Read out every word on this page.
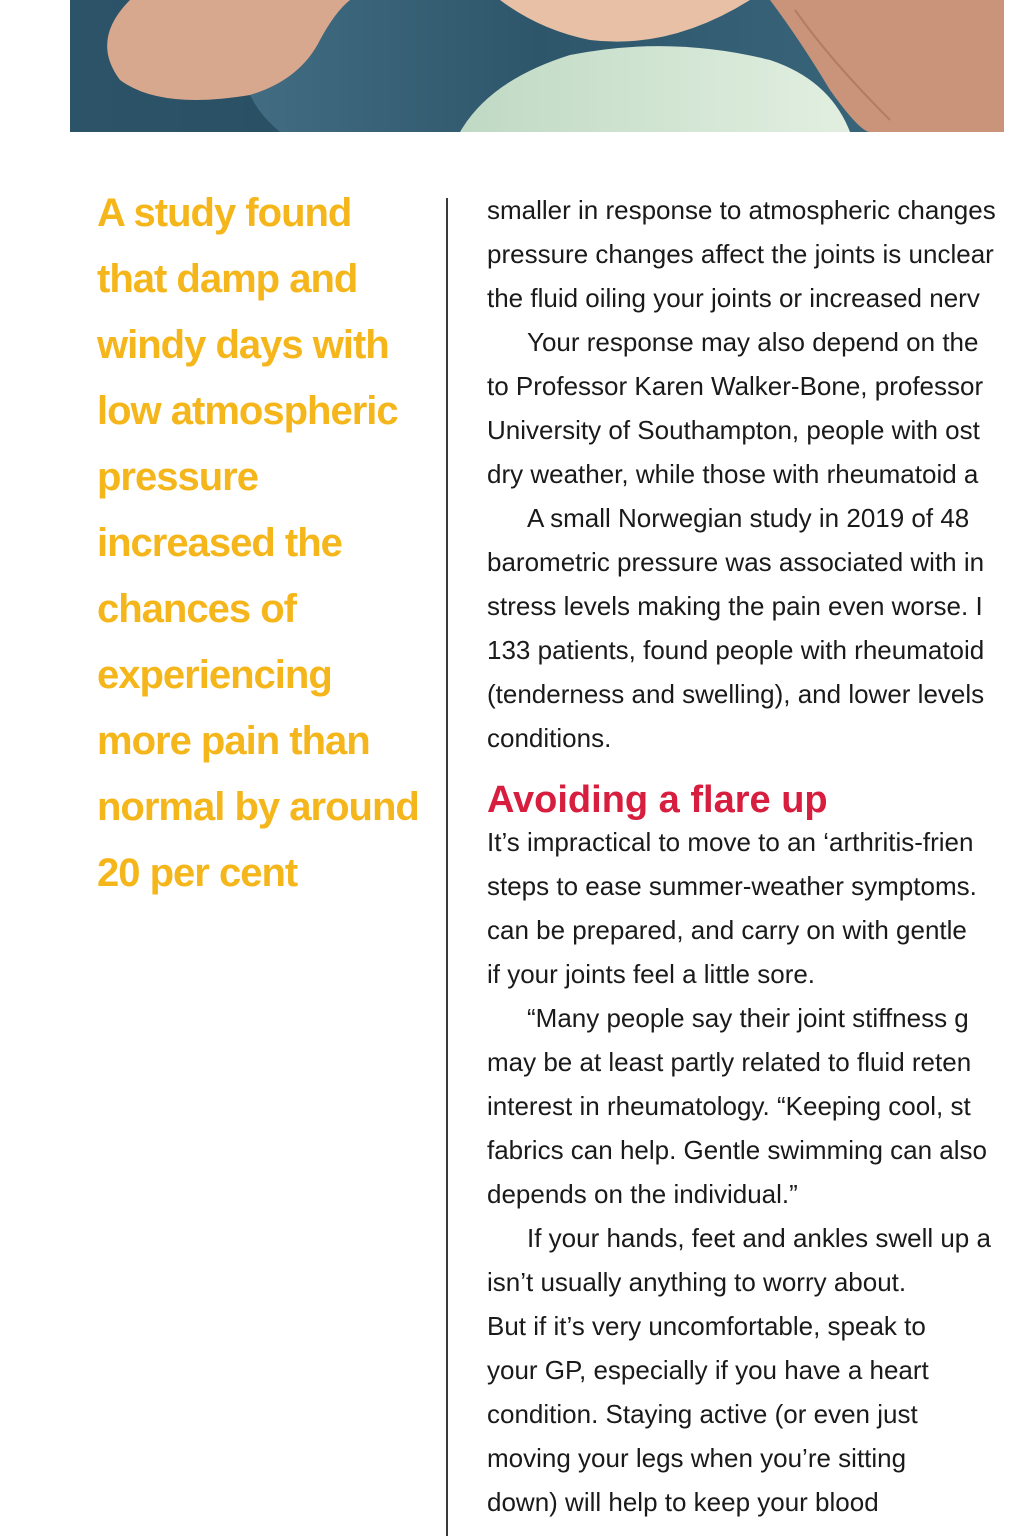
A study found
that damp and
windy days with
low atmospheric
pressure
increased the
chances of
experiencing
more pain than
normal by around
20 per cent
smaller in response to atmospheric changes
pressure changes affect the joints is unclear
the fluid oiling your joints or increased nerv
Your response may also depend on the
to Professor Karen Walker-Bone, professor
University of Southampton, people with ost
dry weather, while those with rheumatoid a
A small Norwegian study in 2019 of 48
barometric pressure was associated with in
stress levels making the pain even worse. I
133 patients, found people with rheumatoid
(tenderness and swelling), and lower levels
conditions.
Avoiding a flare up
It’s impractical to move to an ‘arthritis-frien
steps to ease summer-weather symptoms.
can be prepared, and carry on with gentle
if your joints feel a little sore.
“Many people say their joint stiffness g
may be at least partly related to fluid reten
interest in rheumatology. “Keeping cool, st
fabrics can help. Gentle swimming can also
depends on the individual.”
If your hands, feet and ankles swell up a
isn’t usually anything to worry about.
But if it’s very uncomfortable, speak to
your GP, especially if you have a heart
condition. Staying active (or even just
moving your legs when you’re sitting
down) will help to keep your blood
